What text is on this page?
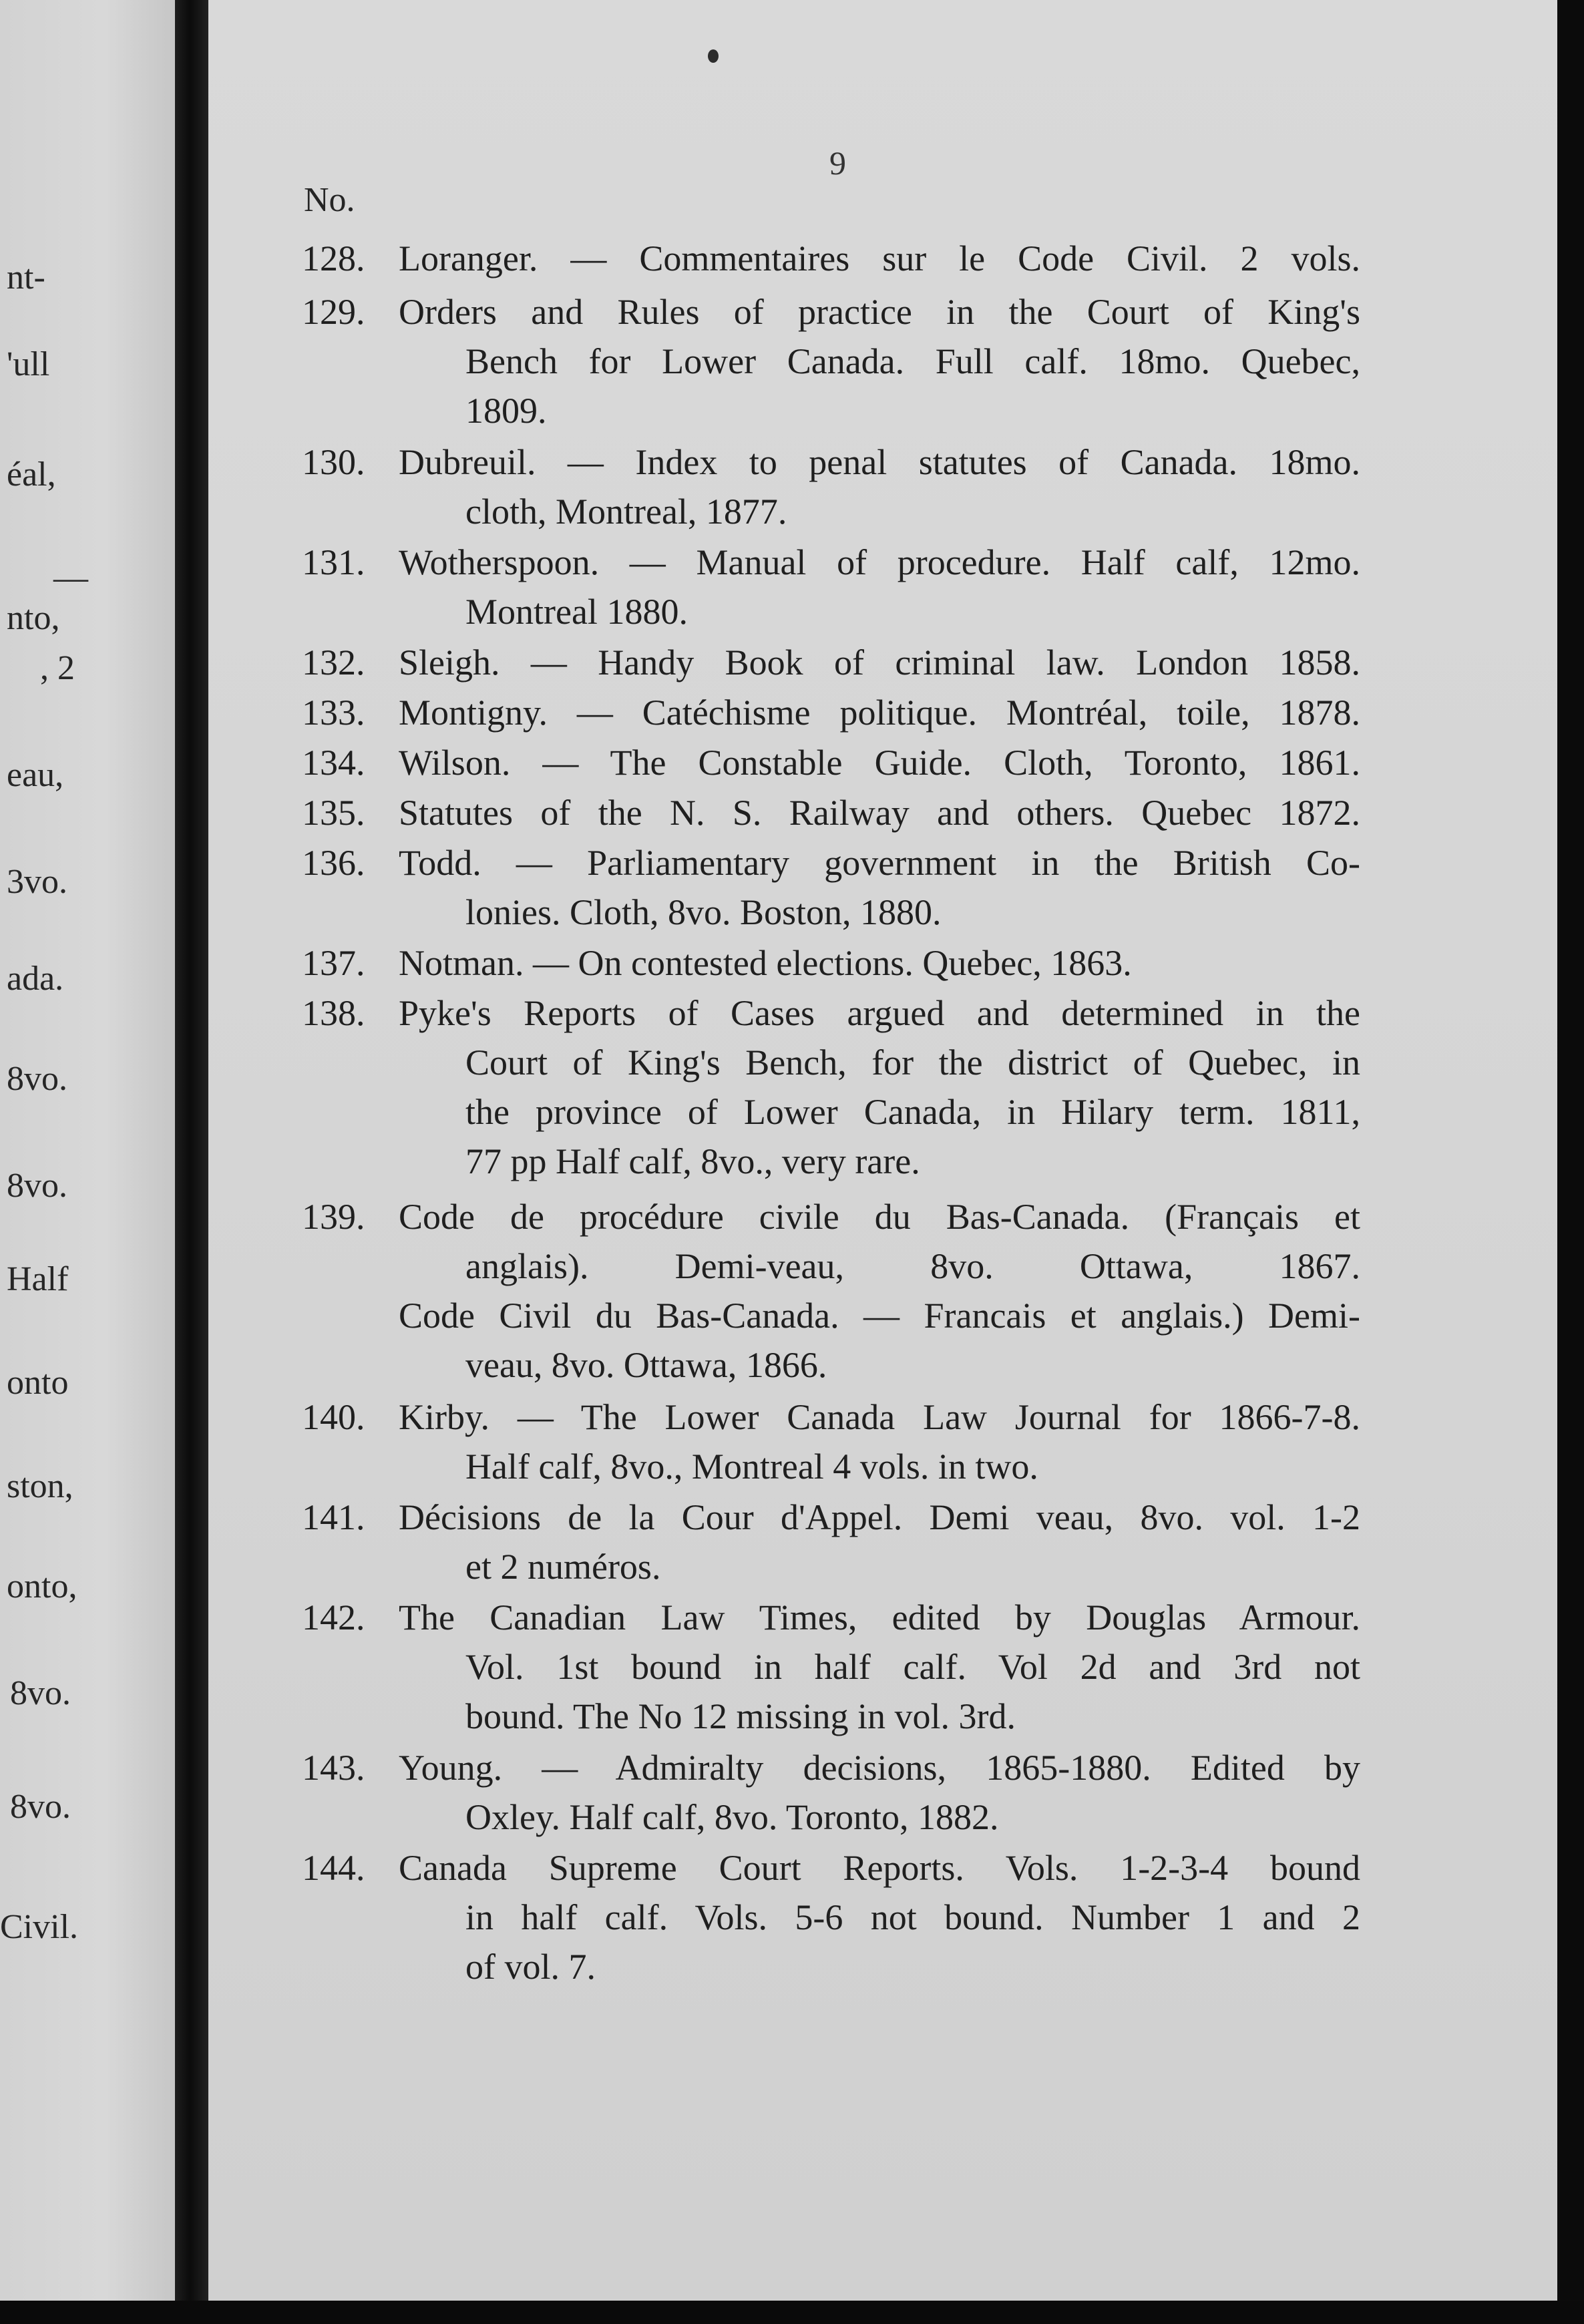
nt-
'ull
éal,
—
nto,
, 2
eau,
3vo.
ada.
8vo.
8vo.
Half
onto
ston,
onto,
8vo.
8vo.
Civil.
9
No.
128. Loranger. — Commentaires sur le Code Civil. 2 vols.
129. Orders and Rules of practice in the Court of King's
Bench for Lower Canada. Full calf. 18mo. Quebec,
1809.
130. Dubreuil. — Index to penal statutes of Canada. 18mo.
cloth, Montreal, 1877.
131. Wotherspoon. — Manual of procedure. Half calf, 12mo.
Montreal 1880.
132. Sleigh. — Handy Book of criminal law. London 1858.
133. Montigny. — Catéchisme politique. Montréal, toile, 1878.
134. Wilson. — The Constable Guide. Cloth, Toronto, 1861.
135. Statutes of the N. S. Railway and others. Quebec 1872.
136. Todd. — Parliamentary government in the British Co-
lonies. Cloth, 8vo. Boston, 1880.
137. Notman. — On contested elections. Quebec, 1863.
138. Pyke's Reports of Cases argued and determined in the
Court of King's Bench, for the district of Quebec, in
the province of Lower Canada, in Hilary term. 1811,
77 pp Half calf, 8vo., very rare.
139. Code de procédure civile du Bas-Canada. (Français et
anglais). Demi-veau, 8vo. Ottawa, 1867.
Code Civil du Bas-Canada. — Francais et anglais.) Demi-
veau, 8vo. Ottawa, 1866.
140. Kirby. — The Lower Canada Law Journal for 1866-7-8.
Half calf, 8vo., Montreal 4 vols. in two.
141. Décisions de la Cour d'Appel. Demi veau, 8vo. vol. 1-2
et 2 numéros.
142. The Canadian Law Times, edited by Douglas Armour.
Vol. 1st bound in half calf. Vol 2d and 3rd not
bound. The No 12 missing in vol. 3rd.
143. Young. — Admiralty decisions, 1865-1880. Edited by
Oxley. Half calf, 8vo. Toronto, 1882.
144. Canada Supreme Court Reports. Vols. 1-2-3-4 bound
in half calf. Vols. 5-6 not bound. Number 1 and 2
of vol. 7.
